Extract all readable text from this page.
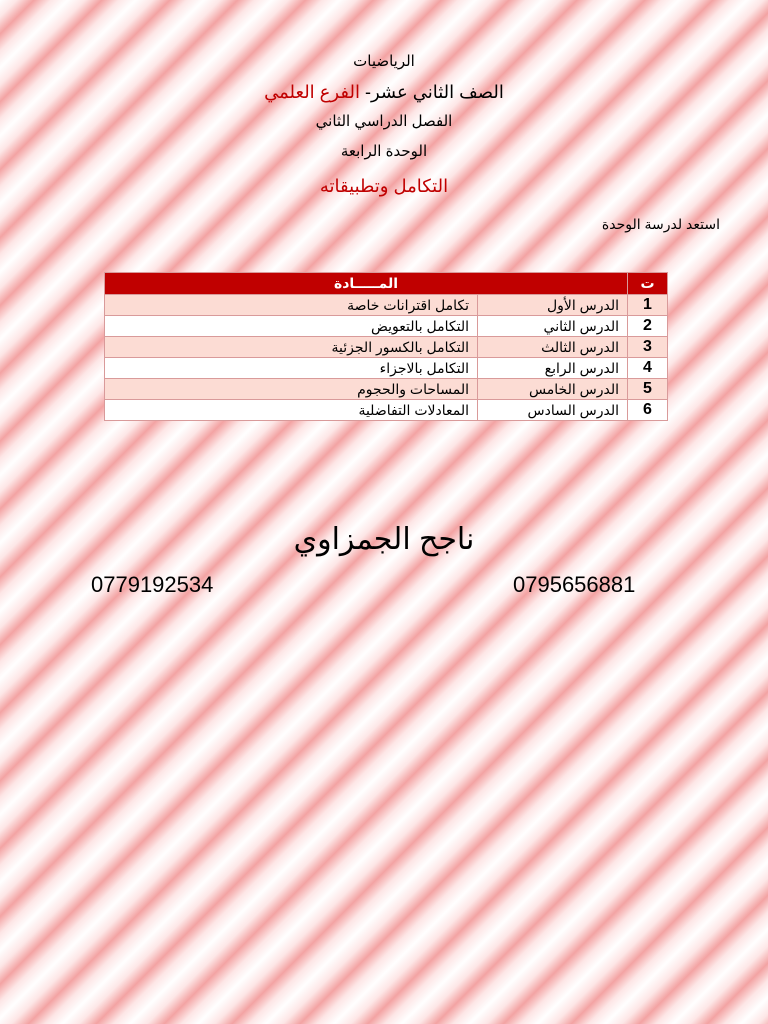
الرياضيات
الصف الثاني عشر- الفرع العلمي
الفصل الدراسي الثاني
الوحدة الرابعة
التكامل وتطبيقاته
استعد لدرسة الوحدة
ت	المـــــادة	
1	الدرس الأول	تكامل اقترانات خاصة
2	الدرس الثاني	التكامل بالتعويض
3	الدرس الثالث	التكامل بالكسور الجزئية
4	الدرس الرابع	التكامل بالاجزاء
5	الدرس الخامس	المساحات والحجوم
6	الدرس السادس	المعادلات التفاضلية
ناجح الجمزاوي
0779192534	0795656881
